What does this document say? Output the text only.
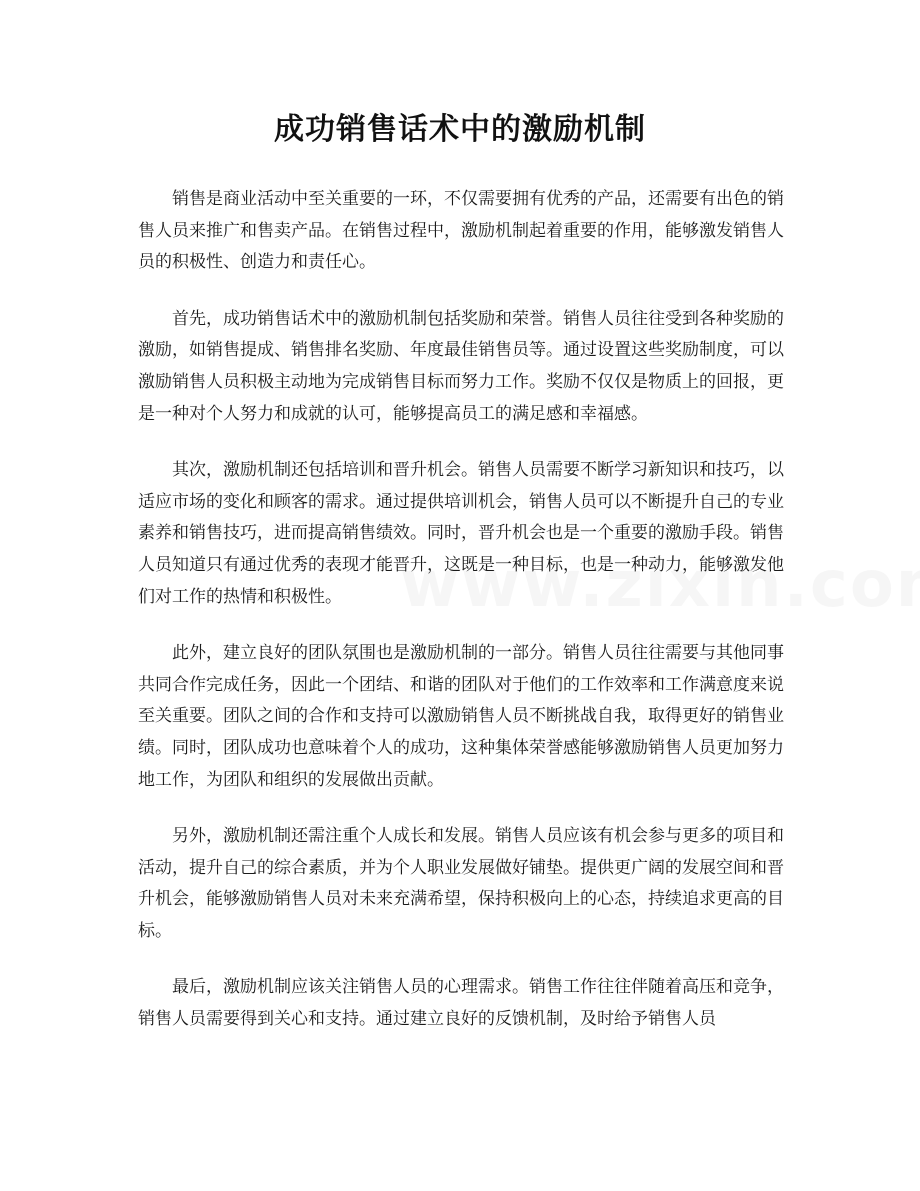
成功销售话术中的激励机制

销售是商业活动中至关重要的一环，不仅需要拥有优秀的产品，还需要有出色的销售人员来推广和售卖产品。在销售过程中，激励机制起着重要的作用，能够激发销售人员的积极性、创造力和责任心。

首先，成功销售话术中的激励机制包括奖励和荣誉。销售人员往往受到各种奖励的激励，如销售提成、销售排名奖励、年度最佳销售员等。通过设置这些奖励制度，可以激励销售人员积极主动地为完成销售目标而努力工作。奖励不仅仅是物质上的回报，更是一种对个人努力和成就的认可，能够提高员工的满足感和幸福感。

其次，激励机制还包括培训和晋升机会。销售人员需要不断学习新知识和技巧，以适应市场的变化和顾客的需求。通过提供培训机会，销售人员可以不断提升自己的专业素养和销售技巧，进而提高销售绩效。同时，晋升机会也是一个重要的激励手段。销售人员知道只有通过优秀的表现才能晋升，这既是一种目标，也是一种动力，能够激发他们对工作的热情和积极性。

此外，建立良好的团队氛围也是激励机制的一部分。销售人员往往需要与其他同事共同合作完成任务，因此一个团结、和谐的团队对于他们的工作效率和工作满意度来说至关重要。团队之间的合作和支持可以激励销售人员不断挑战自我，取得更好的销售业绩。同时，团队成功也意味着个人的成功，这种集体荣誉感能够激励销售人员更加努力地工作，为团队和组织的发展做出贡献。

另外，激励机制还需注重个人成长和发展。销售人员应该有机会参与更多的项目和活动，提升自己的综合素质，并为个人职业发展做好铺垫。提供更广阔的发展空间和晋升机会，能够激励销售人员对未来充满希望，保持积极向上的心态，持续追求更高的目标。

最后，激励机制应该关注销售人员的心理需求。销售工作往往伴随着高压和竞争，销售人员需要得到关心和支持。通过建立良好的反馈机制，及时给予销售人员
